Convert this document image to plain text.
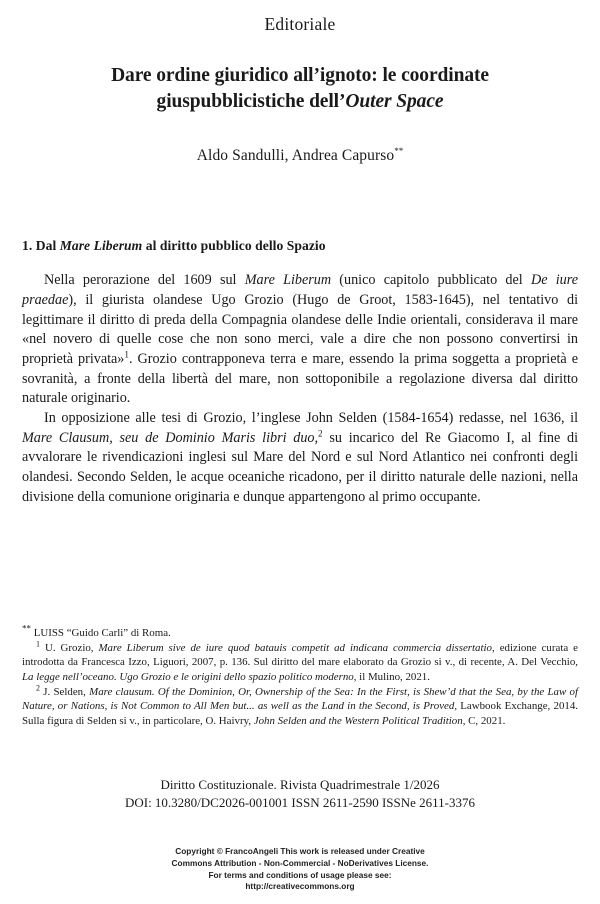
Editoriale
Dare ordine giuridico all’ignoto: le coordinate
giuspubblicistiche dell’Outer Space
Aldo Sandulli, Andrea Capurso**
1. Dal Mare Liberum al diritto pubblico dello Spazio

Nella perorazione del 1609 sul Mare Liberum (unico capitolo pubblicato del De iure praedae), il giurista olandese Ugo Grozio (Hugo de Groot, 1583-1645), nel tentativo di legittimare il diritto di preda della Compagnia olandese delle Indie orientali, considerava il mare «nel novero di quelle cose che non sono merci, vale a dire che non possono convertirsi in proprietà privata»$^1$. Grozio contrapponeva terra e mare, essendo la prima soggetta a proprietà e sovranità, a fronte della libertà del mare, non sottoponibile a regolazione diversa dal diritto naturale originario.

In opposizione alle tesi di Grozio, l’inglese John Selden (1584-1654) redasse, nel 1636, il Mare Clausum, seu de Dominio Maris libri duo,$^2$ su incarico del Re Giacomo I, al fine di avvalorare le rivendicazioni inglesi sul Mare del Nord e sul Nord Atlantico nei confronti degli olandesi. Secondo Selden, le acque oceaniche ricadono, per il diritto naturale delle nazioni, nella divisione della comunione originaria e dunque appartengono al primo occupante.

** LUISS “Guido Carli” di Roma.

$^1$ U. Grozio, Mare Liberum sive de iure quod batauis competit ad indicana commercia dissertatio, edizione curata e introdotta da Francesca Izzo, Liguori, 2007, p. 136. Sul diritto del mare elaborato da Grozio si v., di recente, A. Del Vecchio, La legge nell’oceano. Ugo Grozio e le origini dello spazio politico moderno, il Mulino, 2021.

$^2$ J. Selden, Mare clausum. Of the Dominion, Or, Ownership of the Sea: In the First, is Shew’d that the Sea, by the Law of Nature, or Nations, is Not Common to All Men but... as well as the Land in the Second, is Proved, Lawbook Exchange, 2014. Sulla figura di Selden si v., in particolare, O. Haivry, John Selden and the Western Political Tradition, C, 2021.

Diritto Costituzionale. Rivista Quadrimestrale 1/2026
DOI: 10.3280/DC2026-001001 ISSN 2611-2590 ISSNe 2611-3376
Copyright © FrancoAngeli This work is released under Creative
Commons Attribution - Non-Commercial - NoDerivatives License.
For terms and conditions of usage please see:
http://creativecommons.org
